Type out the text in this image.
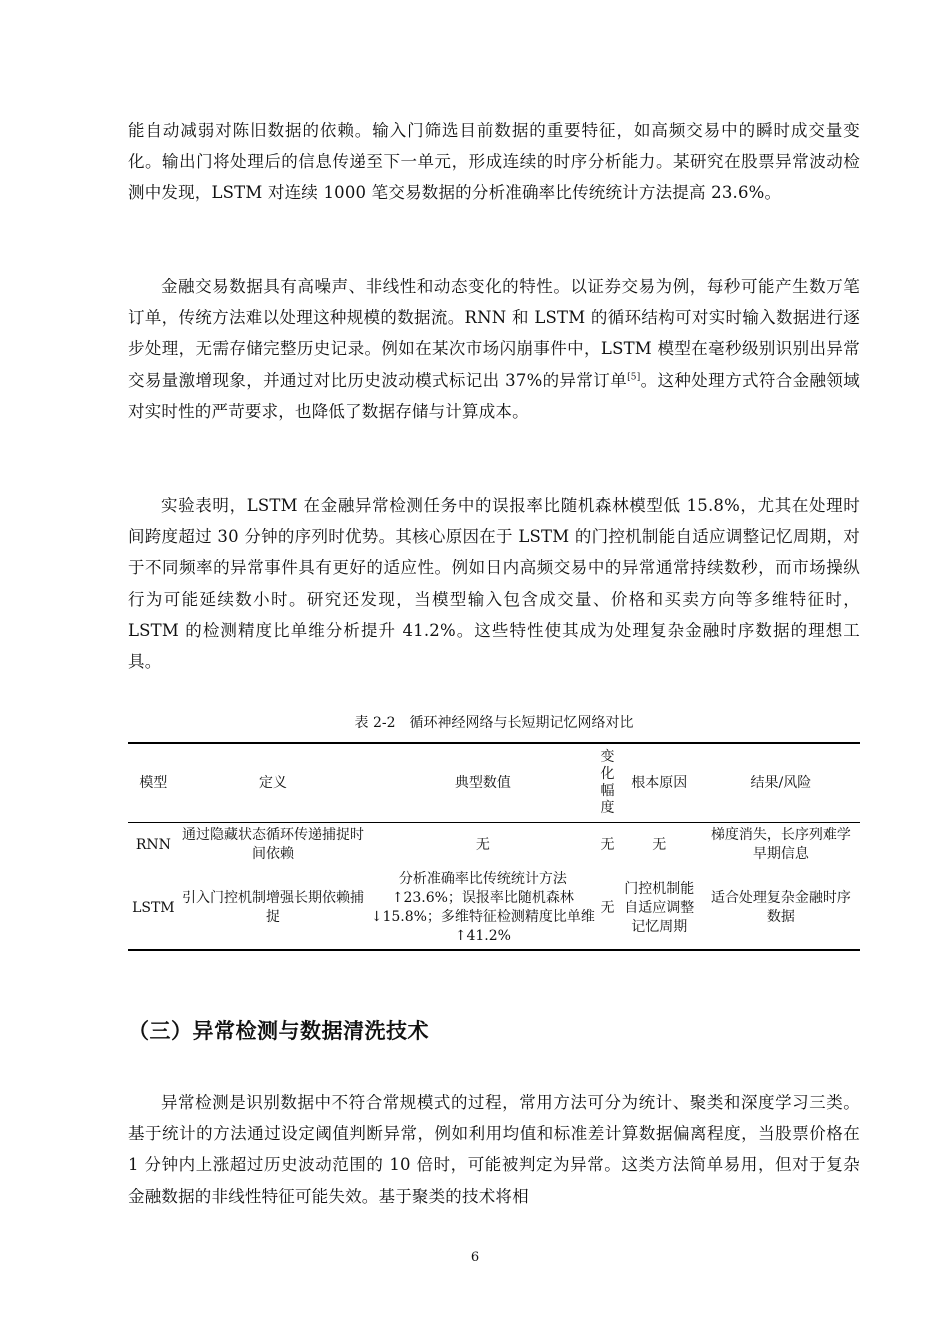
能自动减弱对陈旧数据的依赖。输入门筛选目前数据的重要特征，如高频交易中的瞬时成交量变化。输出门将处理后的信息传递至下一单元，形成连续的时序分析能力。某研究在股票异常波动检测中发现，LSTM 对连续 1000 笔交易数据的分析准确率比传统统计方法提高 23.6%。

金融交易数据具有高噪声、非线性和动态变化的特性。以证券交易为例，每秒可能产生数万笔订单，传统方法难以处理这种规模的数据流。RNN 和 LSTM 的循环结构可对实时输入数据进行逐步处理，无需存储完整历史记录。例如在某次市场闪崩事件中，LSTM 模型在毫秒级别识别出异常交易量激增现象，并通过对比历史波动模式标记出 37%的异常订单[5]。这种处理方式符合金融领域对实时性的严苛要求，也降低了数据存储与计算成本。

实验表明，LSTM 在金融异常检测任务中的误报率比随机森林模型低 15.8%，尤其在处理时间跨度超过 30 分钟的序列时优势。其核心原因在于 LSTM 的门控机制能自适应调整记忆周期，对于不同频率的异常事件具有更好的适应性。例如日内高频交易中的异常通常持续数秒，而市场操纵行为可能延续数小时。研究还发现，当模型输入包含成交量、价格和买卖方向等多维特征时，LSTM 的检测精度比单维分析提升 41.2%。这些特性使其成为处理复杂金融时序数据的理想工具。

表 2-2　循环神经网络与长短期记忆网络对比
模型	定义	典型数值	变化幅度	根本原因	结果/风险
RNN	通过隐藏状态循环传递捕捉时间依赖	无	无	无	梯度消失，长序列难学早期信息
LSTM	引入门控机制增强长期依赖捕捉	分析准确率比传统统计方法↑23.6%；误报率比随机森林↓15.8%；多维特征检测精度比单维↑41.2%	无	门控机制能自适应调整记忆周期	适合处理复杂金融时序数据
（三）异常检测与数据清洗技术

异常检测是识别数据中不符合常规模式的过程，常用方法可分为统计、聚类和深度学习三类。基于统计的方法通过设定阈值判断异常，例如利用均值和标准差计算数据偏离程度，当股票价格在 1 分钟内上涨超过历史波动范围的 10 倍时，可能被判定为异常。这类方法简单易用，但对于复杂金融数据的非线性特征可能失效。基于聚类的技术将相

6
